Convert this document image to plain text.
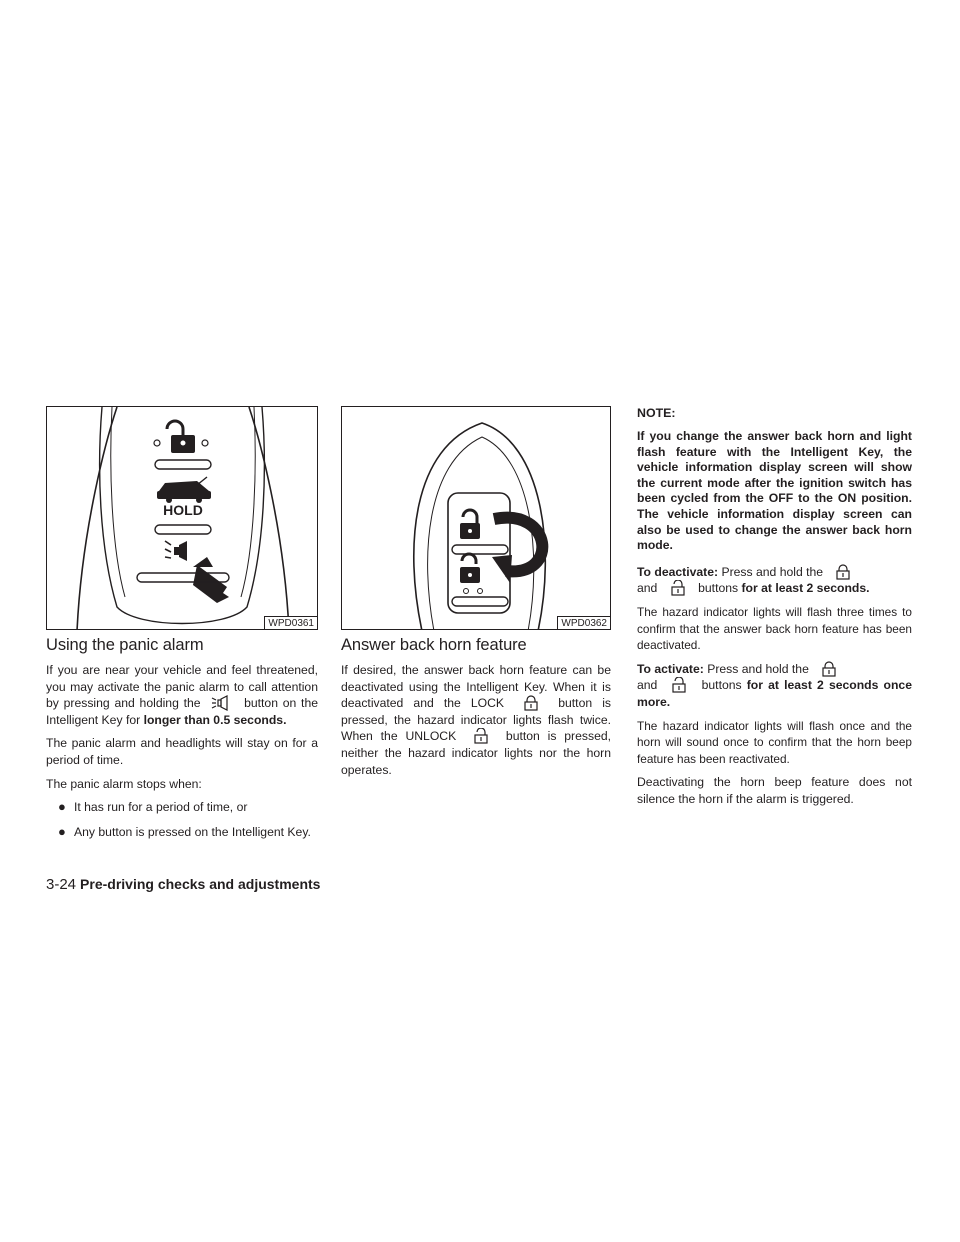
HOLD
WPD0361
Using the panic alarm

If you are near your vehicle and feel threatened, you may activate the panic alarm to call attention by pressing and holding the	button on the Intelligent Key for longer than 0.5 seconds.

The panic alarm and headlights will stay on for a period of time.

The panic alarm stops when:

● It has run for a period of time, or
● Any button is pressed on the Intelligent Key.
WPD0362
Answer back horn feature

If desired, the answer back horn feature can be deactivated using the Intelligent Key. When it is deactivated and the LOCK	button is pressed, the hazard indicator lights flash twice. When the UNLOCK	button is pressed, neither the hazard indicator lights nor the horn operates.

NOTE:
If you change the answer back horn and light flash feature with the Intelligent Key, the vehicle information display screen will show the current mode after the ignition switch has been cycled from the OFF to the ON position. The vehicle information display screen can also be used to change the answer back horn mode.

To deactivate: Press and hold the

and	buttons for at least 2 seconds.

The hazard indicator lights will flash three times to confirm that the answer back horn feature has been deactivated.

To activate: Press and hold the

and	buttons for at least 2 seconds once more.

The hazard indicator lights will flash once and the horn will sound once to confirm that the horn beep feature has been reactivated.

Deactivating the horn beep feature does not silence the horn if the alarm is triggered.

3-24 Pre-driving checks and adjustments
